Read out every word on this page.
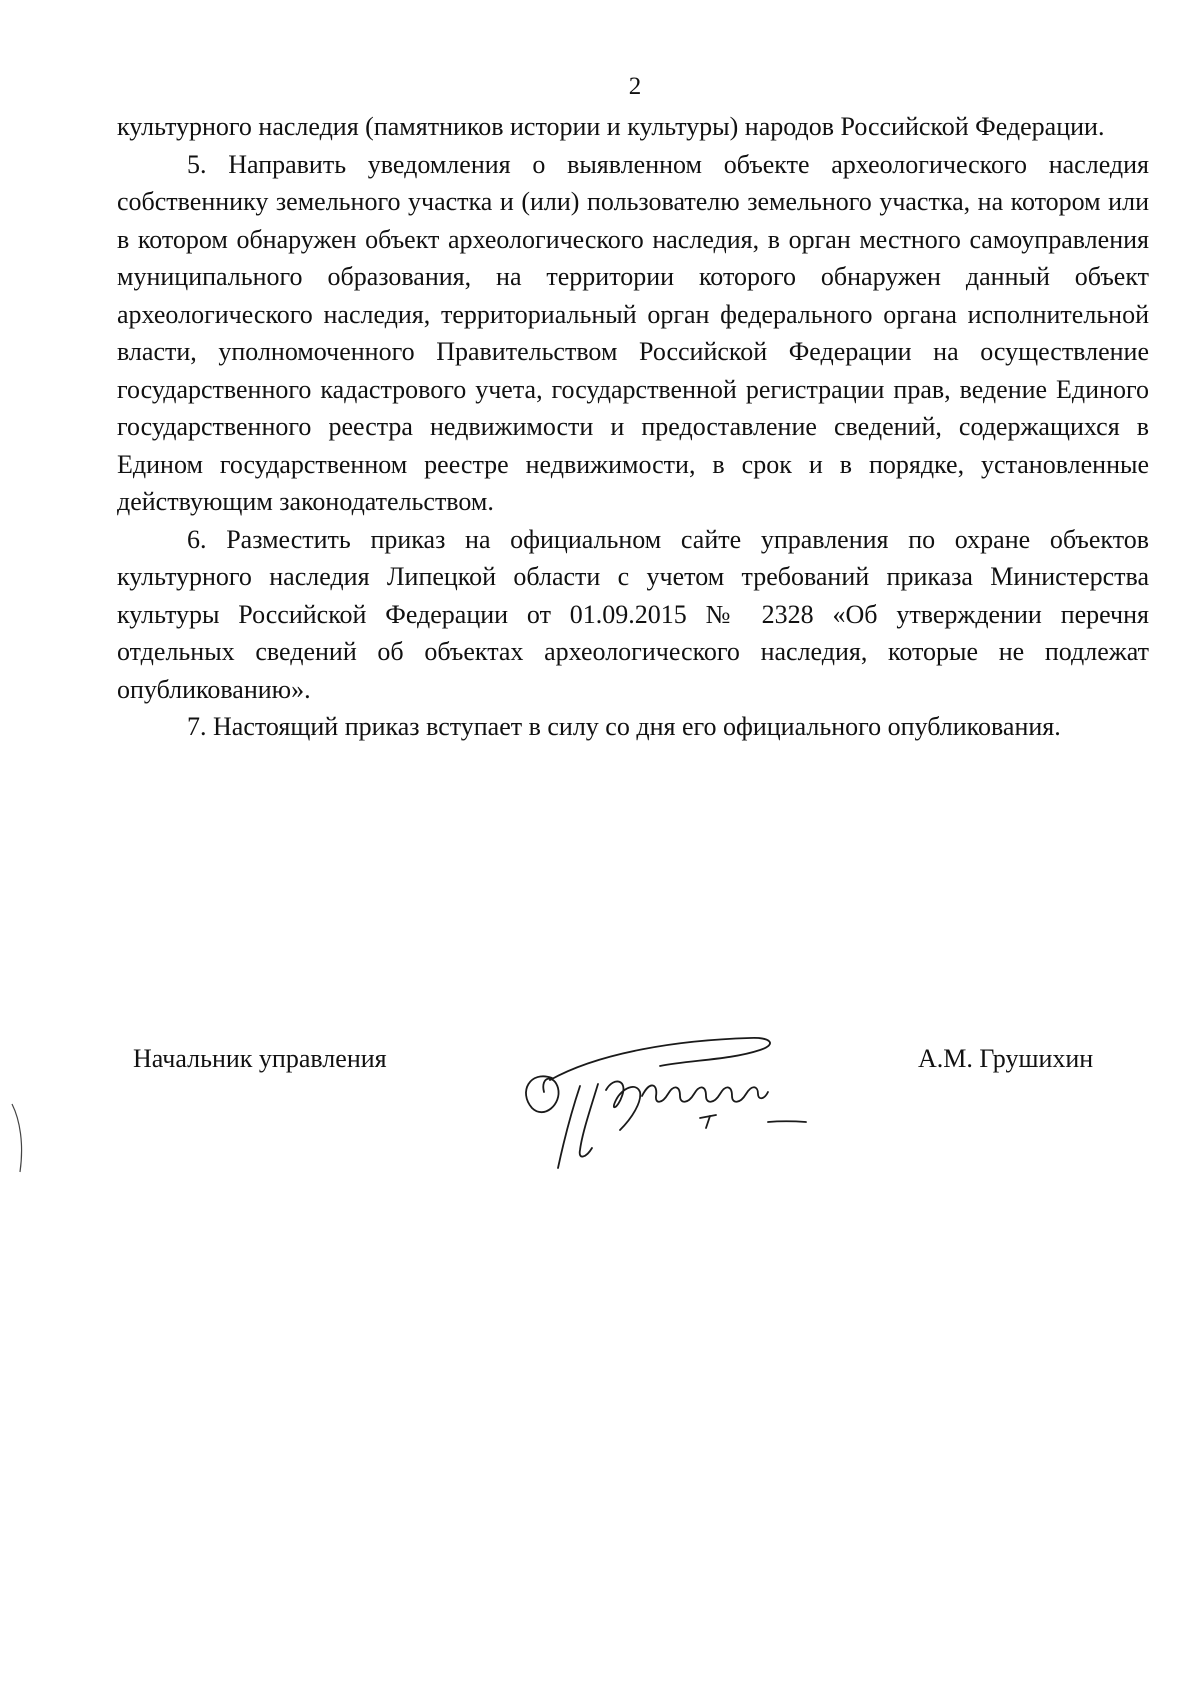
2

культурного наследия (памятников истории и культуры) народов Российской Федерации.

5. Направить уведомления о выявленном объекте археологического наследия собственнику земельного участка и (или) пользователю земельного участка, на котором или в котором обнаружен объект археологического наследия, в орган местного самоуправления муниципального образования, на территории которого обнаружен данный объект археологического наследия, территориальный орган федерального органа исполнительной власти, уполномоченного Правительством Российской Федерации на осуществление государственного кадастрового учета, государственной регистрации прав, ведение Единого государственного реестра недвижимости и предоставление сведений, содержащихся в Едином государственном реестре недвижимости, в срок и в порядке, установленные действующим законодательством.

6. Разместить приказ на официальном сайте управления по охране объектов культурного наследия Липецкой области с учетом требований приказа Министерства культуры Российской Федерации от 01.09.2015 № 2328 «Об утверждении перечня отдельных сведений об объектах археологического наследия, которые не подлежат опубликованию».

7. Настоящий приказ вступает в силу со дня его официального опубликования.

Начальник управления	А.М. Грушихин
